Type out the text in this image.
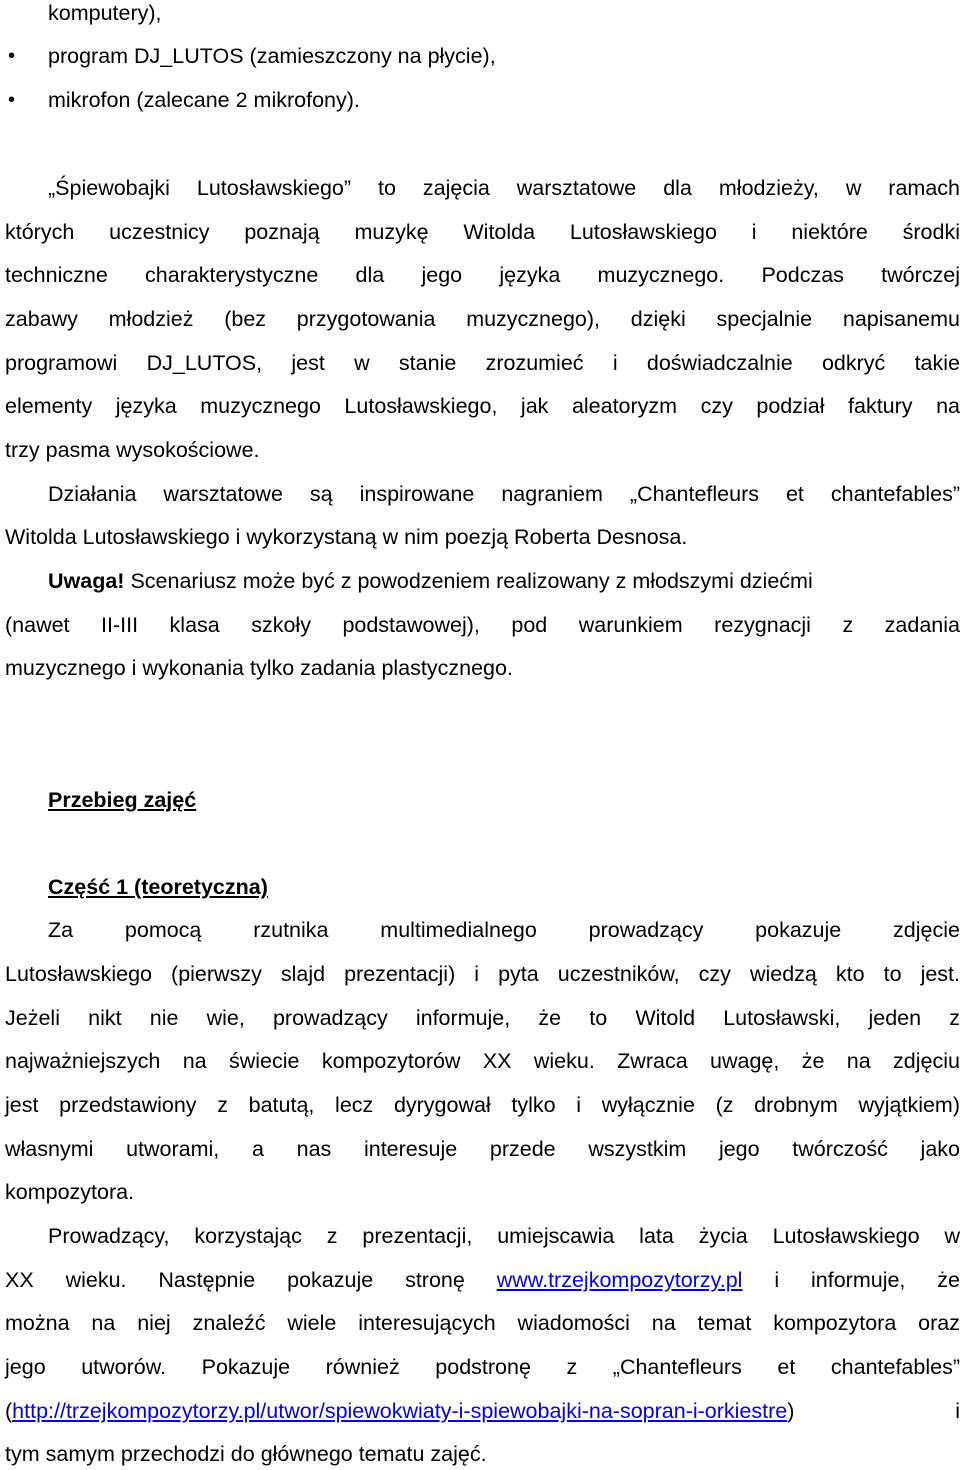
komputery),
• program DJ_LUTOS (zamieszczony na płycie),
• mikrofon (zalecane 2 mikrofony).
„Śpiewobajki Lutosławskiego” to zajęcia warsztatowe dla młodzieży, w ramach
których uczestnicy poznają muzykę Witolda Lutosławskiego i niektóre środki
techniczne charakterystyczne dla jego języka muzycznego. Podczas twórczej
zabawy młodzież (bez przygotowania muzycznego), dzięki specjalnie napisanemu
programowi DJ_LUTOS, jest w stanie zrozumieć i doświadczalnie odkryć takie
elementy języka muzycznego Lutosławskiego, jak aleatoryzm czy podział faktury na
trzy pasma wysokościowe.
Działania warsztatowe są inspirowane nagraniem „Chantefleurs et chantefables”
Witolda Lutosławskiego i wykorzystaną w nim poezją Roberta Desnosa.
Uwaga! Scenariusz może być z powodzeniem realizowany z młodszymi dziećmi
(nawet II-III klasa szkoły podstawowej), pod warunkiem rezygnacji z zadania
muzycznego i wykonania tylko zadania plastycznego.
Przebieg zajęć
Część 1 (teoretyczna)
Za pomocą rzutnika multimedialnego prowadzący pokazuje zdjęcie
Lutosławskiego (pierwszy slajd prezentacji) i pyta uczestników, czy wiedzą kto to jest.
Jeżeli nikt nie wie, prowadzący informuje, że to Witold Lutosławski, jeden z
najważniejszych na świecie kompozytorów XX wieku. Zwraca uwagę, że na zdjęciu
jest przedstawiony z batutą, lecz dyrygował tylko i wyłącznie (z drobnym wyjątkiem)
własnymi utworami, a nas interesuje przede wszystkim jego twórczość jako
kompozytora.
Prowadzący, korzystając z prezentacji, umiejscawia lata życia Lutosławskiego w
XX wieku. Następnie pokazuje stronę www.trzejkompozytorzy.pl i informuje, że
można na niej znaleźć wiele interesujących wiadomości na temat kompozytora oraz
jego utworów. Pokazuje również podstronę z „Chantefleurs et chantefables”
(http://trzejkompozytorzy.pl/utwor/spiewokwiaty-i-spiewobajki-na-sopran-i-orkiestre) i
tym samym przechodzi do głównego tematu zajęć.
